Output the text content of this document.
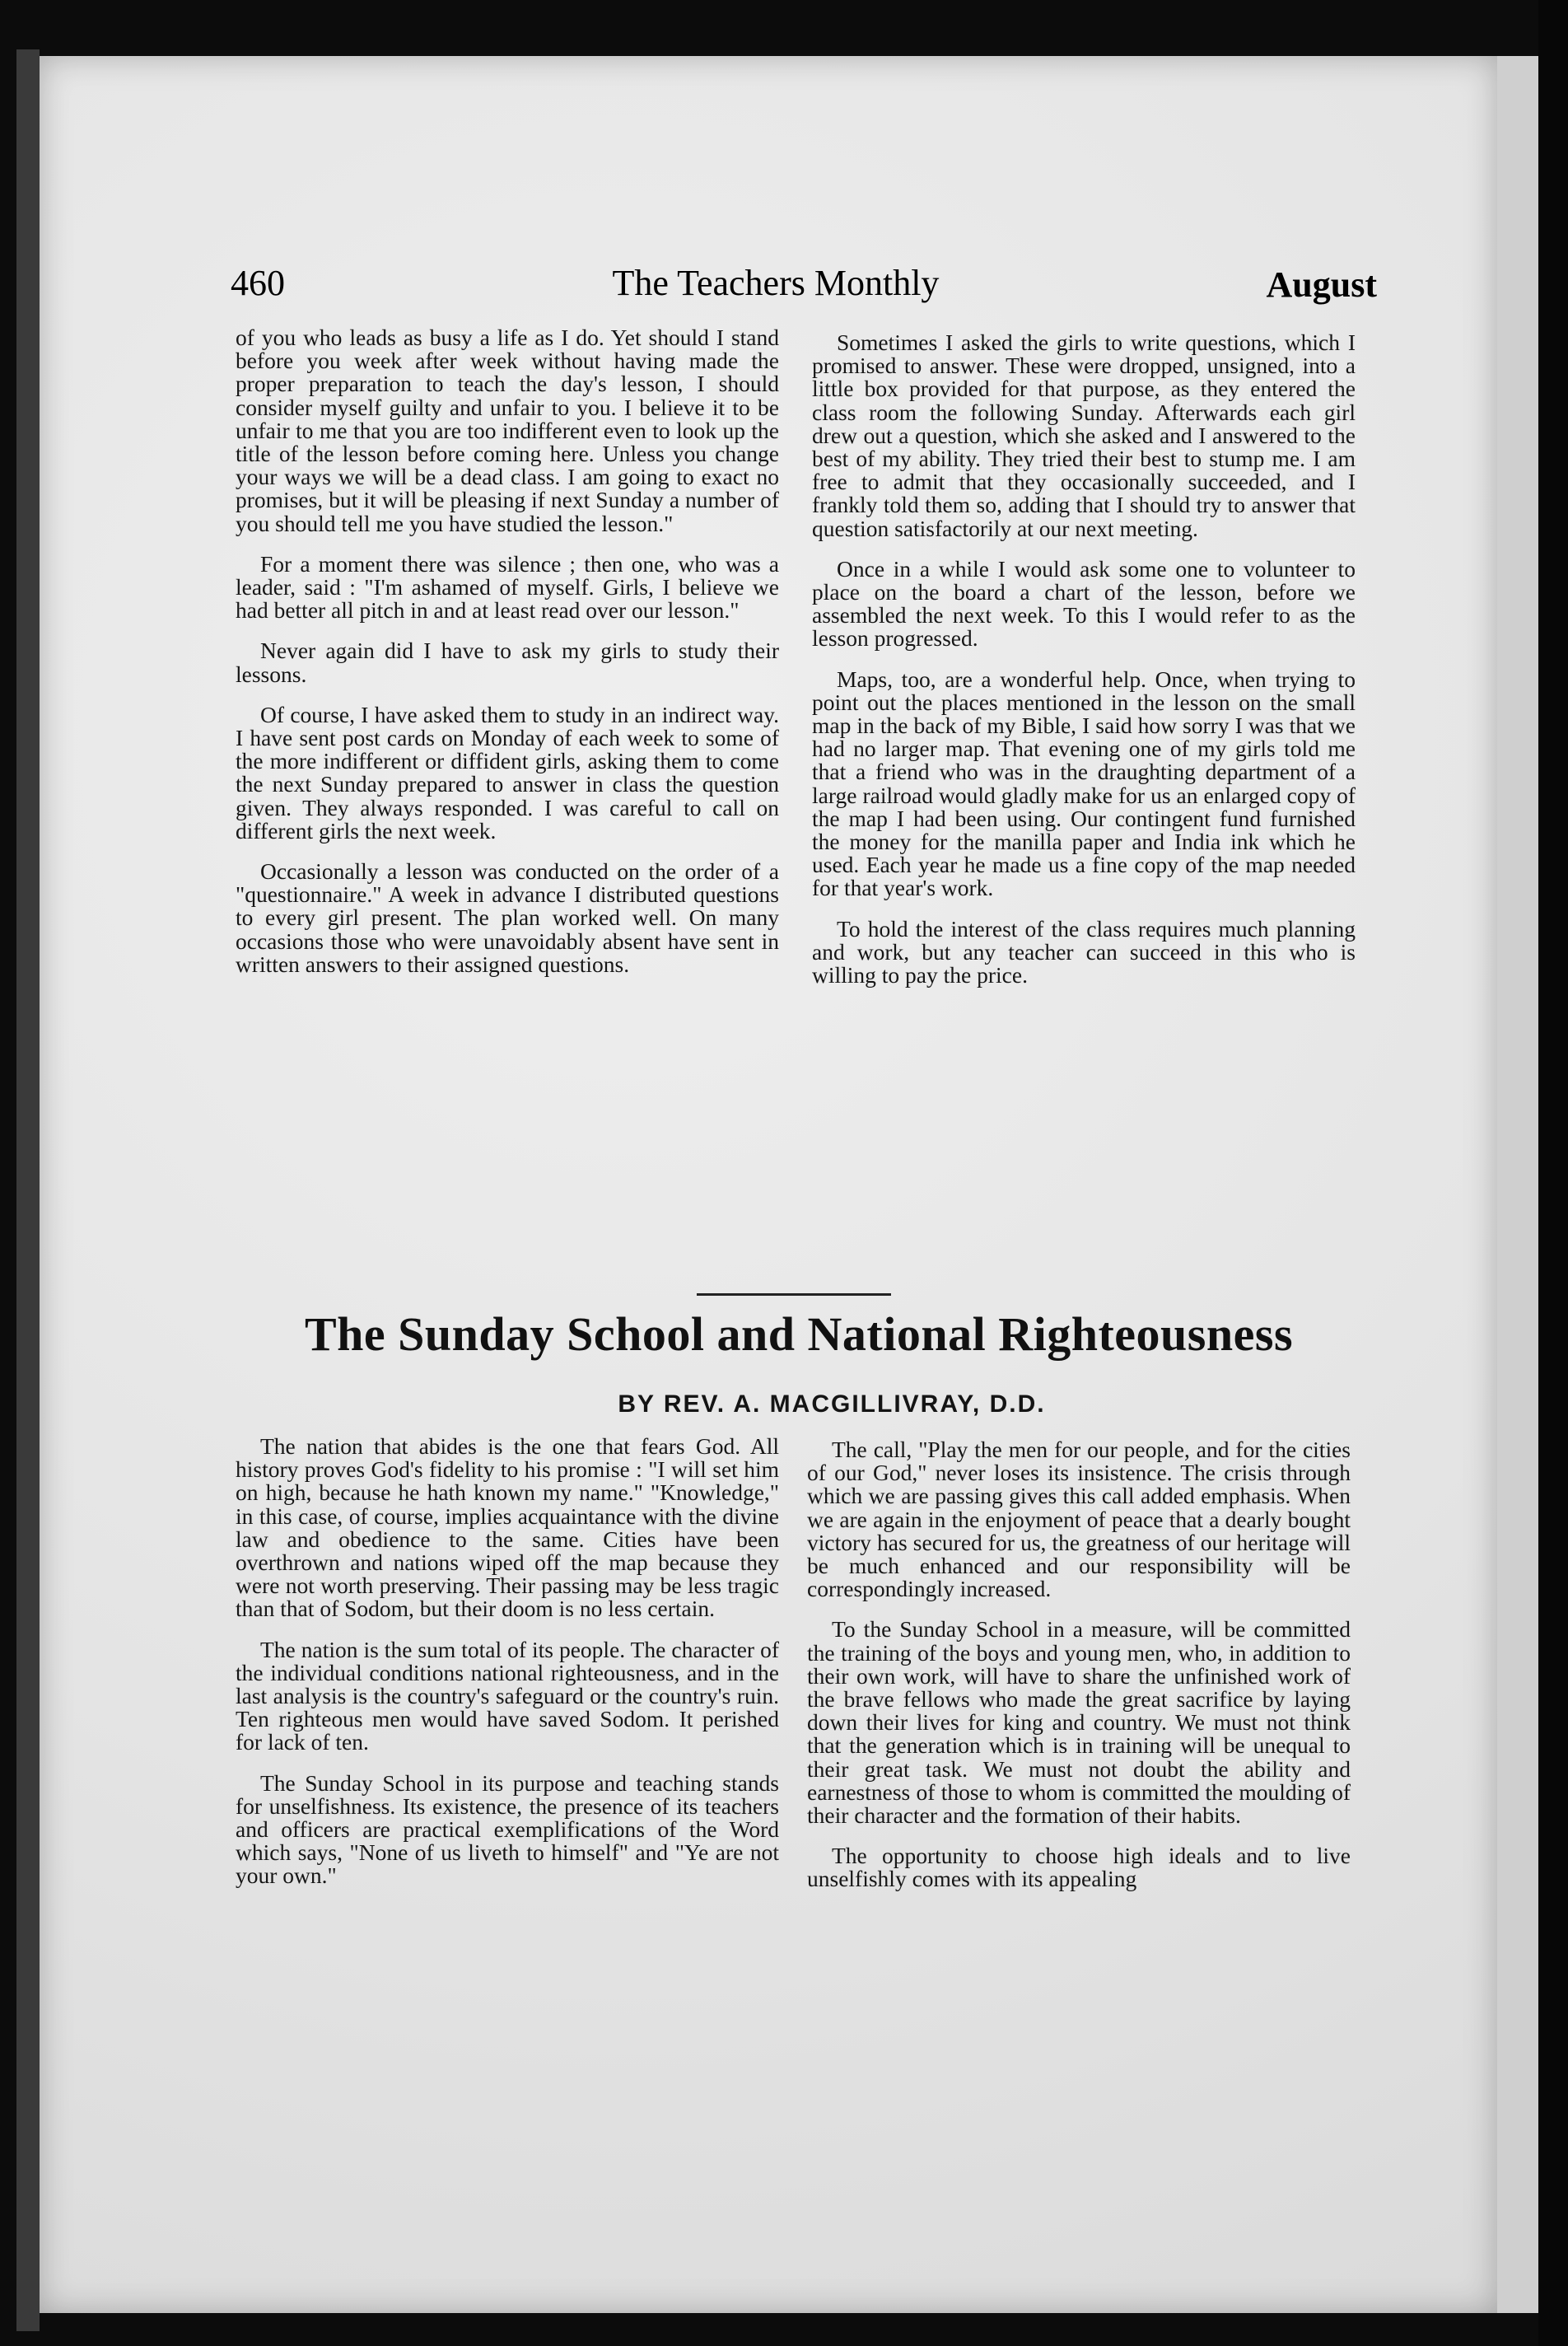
460	The Teachers Monthly	August

of you who leads as busy a life as I do. Yet should I stand before you week after week without having made the proper preparation to teach the day's lesson, I should consider myself guilty and unfair to you. I believe it to be unfair to me that you are too indifferent even to look up the title of the lesson before coming here. Unless you change your ways we will be a dead class. I am going to exact no promises, but it will be pleasing if next Sunday a number of you should tell me you have studied the lesson."

For a moment there was silence ; then one, who was a leader, said : "I'm ashamed of myself. Girls, I believe we had better all pitch in and at least read over our lesson."

Never again did I have to ask my girls to study their lessons.

Of course, I have asked them to study in an indirect way. I have sent post cards on Monday of each week to some of the more indifferent or diffident girls, asking them to come the next Sunday prepared to answer in class the question given. They always responded. I was careful to call on different girls the next week.

Occasionally a lesson was conducted on the order of a "questionnaire." A week in advance I distributed questions to every girl present. The plan worked well. On many occasions those who were unavoidably absent have sent in written answers to their assigned questions.

Sometimes I asked the girls to write questions, which I promised to answer. These were dropped, unsigned, into a little box provided for that purpose, as they entered the class room the following Sunday. Afterwards each girl drew out a question, which she asked and I answered to the best of my ability. They tried their best to stump me. I am free to admit that they occasionally succeeded, and I frankly told them so, adding that I should try to answer that question satisfactorily at our next meeting.

Once in a while I would ask some one to volunteer to place on the board a chart of the lesson, before we assembled the next week. To this I would refer to as the lesson progressed.

Maps, too, are a wonderful help. Once, when trying to point out the places mentioned in the lesson on the small map in the back of my Bible, I said how sorry I was that we had no larger map. That evening one of my girls told me that a friend who was in the draughting department of a large railroad would gladly make for us an enlarged copy of the map I had been using. Our contingent fund furnished the money for the manilla paper and India ink which he used. Each year he made us a fine copy of the map needed for that year's work.

To hold the interest of the class requires much planning and work, but any teacher can succeed in this who is willing to pay the price.

The Sunday School and National Righteousness
BY REV. A. MACGILLIVRAY, D.D.

The nation that abides is the one that fears God. All history proves God's fidelity to his promise : "I will set him on high, because he hath known my name." "Knowledge," in this case, of course, implies acquaintance with the divine law and obedience to the same. Cities have been overthrown and nations wiped off the map because they were not worth preserving. Their passing may be less tragic than that of Sodom, but their doom is no less certain.

The nation is the sum total of its people. The character of the individual conditions national righteousness, and in the last analysis is the country's safeguard or the country's ruin. Ten righteous men would have saved Sodom. It perished for lack of ten.

The Sunday School in its purpose and teaching stands for unselfishness. Its existence, the presence of its teachers and officers are practical exemplifications of the Word which says, "None of us liveth to himself" and "Ye are not your own."

The call, "Play the men for our people, and for the cities of our God," never loses its insistence. The crisis through which we are passing gives this call added emphasis. When we are again in the enjoyment of peace that a dearly bought victory has secured for us, the greatness of our heritage will be much enhanced and our responsibility will be correspondingly increased.

To the Sunday School in a measure, will be committed the training of the boys and young men, who, in addition to their own work, will have to share the unfinished work of the brave fellows who made the great sacrifice by laying down their lives for king and country. We must not think that the generation which is in training will be unequal to their great task. We must not doubt the ability and earnestness of those to whom is committed the moulding of their character and the formation of their habits.

The opportunity to choose high ideals and to live unselfishly comes with its appealing
